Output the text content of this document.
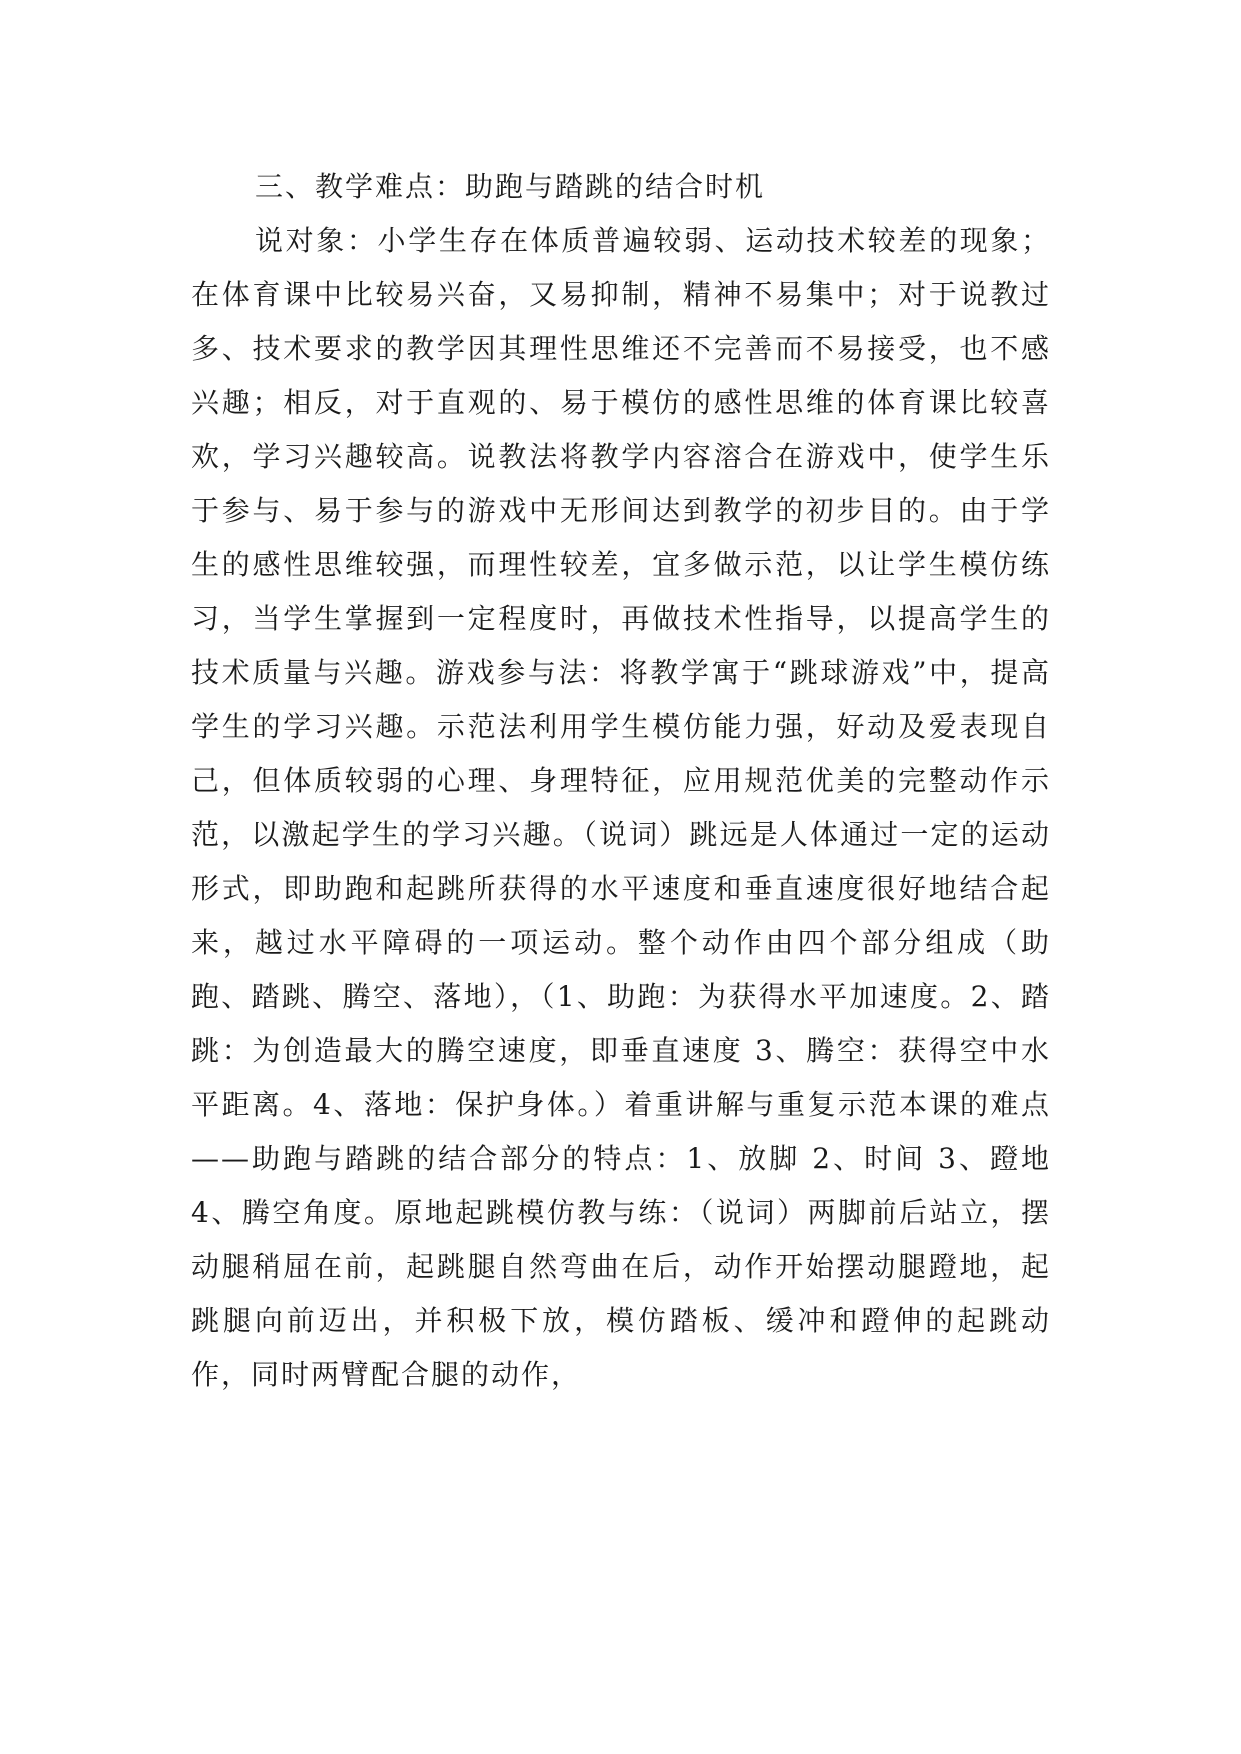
三、教学难点：助跑与踏跳的结合时机

说对象：小学生存在体质普遍较弱、运动技术较差的现象；在体育课中比较易兴奋，又易抑制，精神不易集中；对于说教过多、技术要求的教学因其理性思维还不完善而不易接受，也不感兴趣；相反，对于直观的、易于模仿的感性思维的体育课比较喜欢，学习兴趣较高。说教法将教学内容溶合在游戏中，使学生乐于参与、易于参与的游戏中无形间达到教学的初步目的。由于学生的感性思维较强，而理性较差，宜多做示范，以让学生模仿练习，当学生掌握到一定程度时，再做技术性指导，以提高学生的技术质量与兴趣。游戏参与法：将教学寓于“跳球游戏”中，提高学生的学习兴趣。示范法利用学生模仿能力强，好动及爱表现自己，但体质较弱的心理、身理特征，应用规范优美的完整动作示范，以激起学生的学习兴趣。（说词）跳远是人体通过一定的运动形式，即助跑和起跳所获得的水平速度和垂直速度很好地结合起来，越过水平障碍的一项运动。整个动作由四个部分组成（助跑、踏跳、腾空、落地），（1、助跑：为获得水平加速度。2、踏跳：为创造最大的腾空速度，即垂直速度 3、腾空：获得空中水平距离。4、落地：保护身体。）着重讲解与重复示范本课的难点——助跑与踏跳的结合部分的特点：1、放脚 2、时间 3、蹬地 4、腾空角度。原地起跳模仿教与练：（说词）两脚前后站立，摆动腿稍屈在前，起跳腿自然弯曲在后，动作开始摆动腿蹬地，起跳腿向前迈出，并积极下放，模仿踏板、缓冲和蹬伸的起跳动作，同时两臂配合腿的动作，
